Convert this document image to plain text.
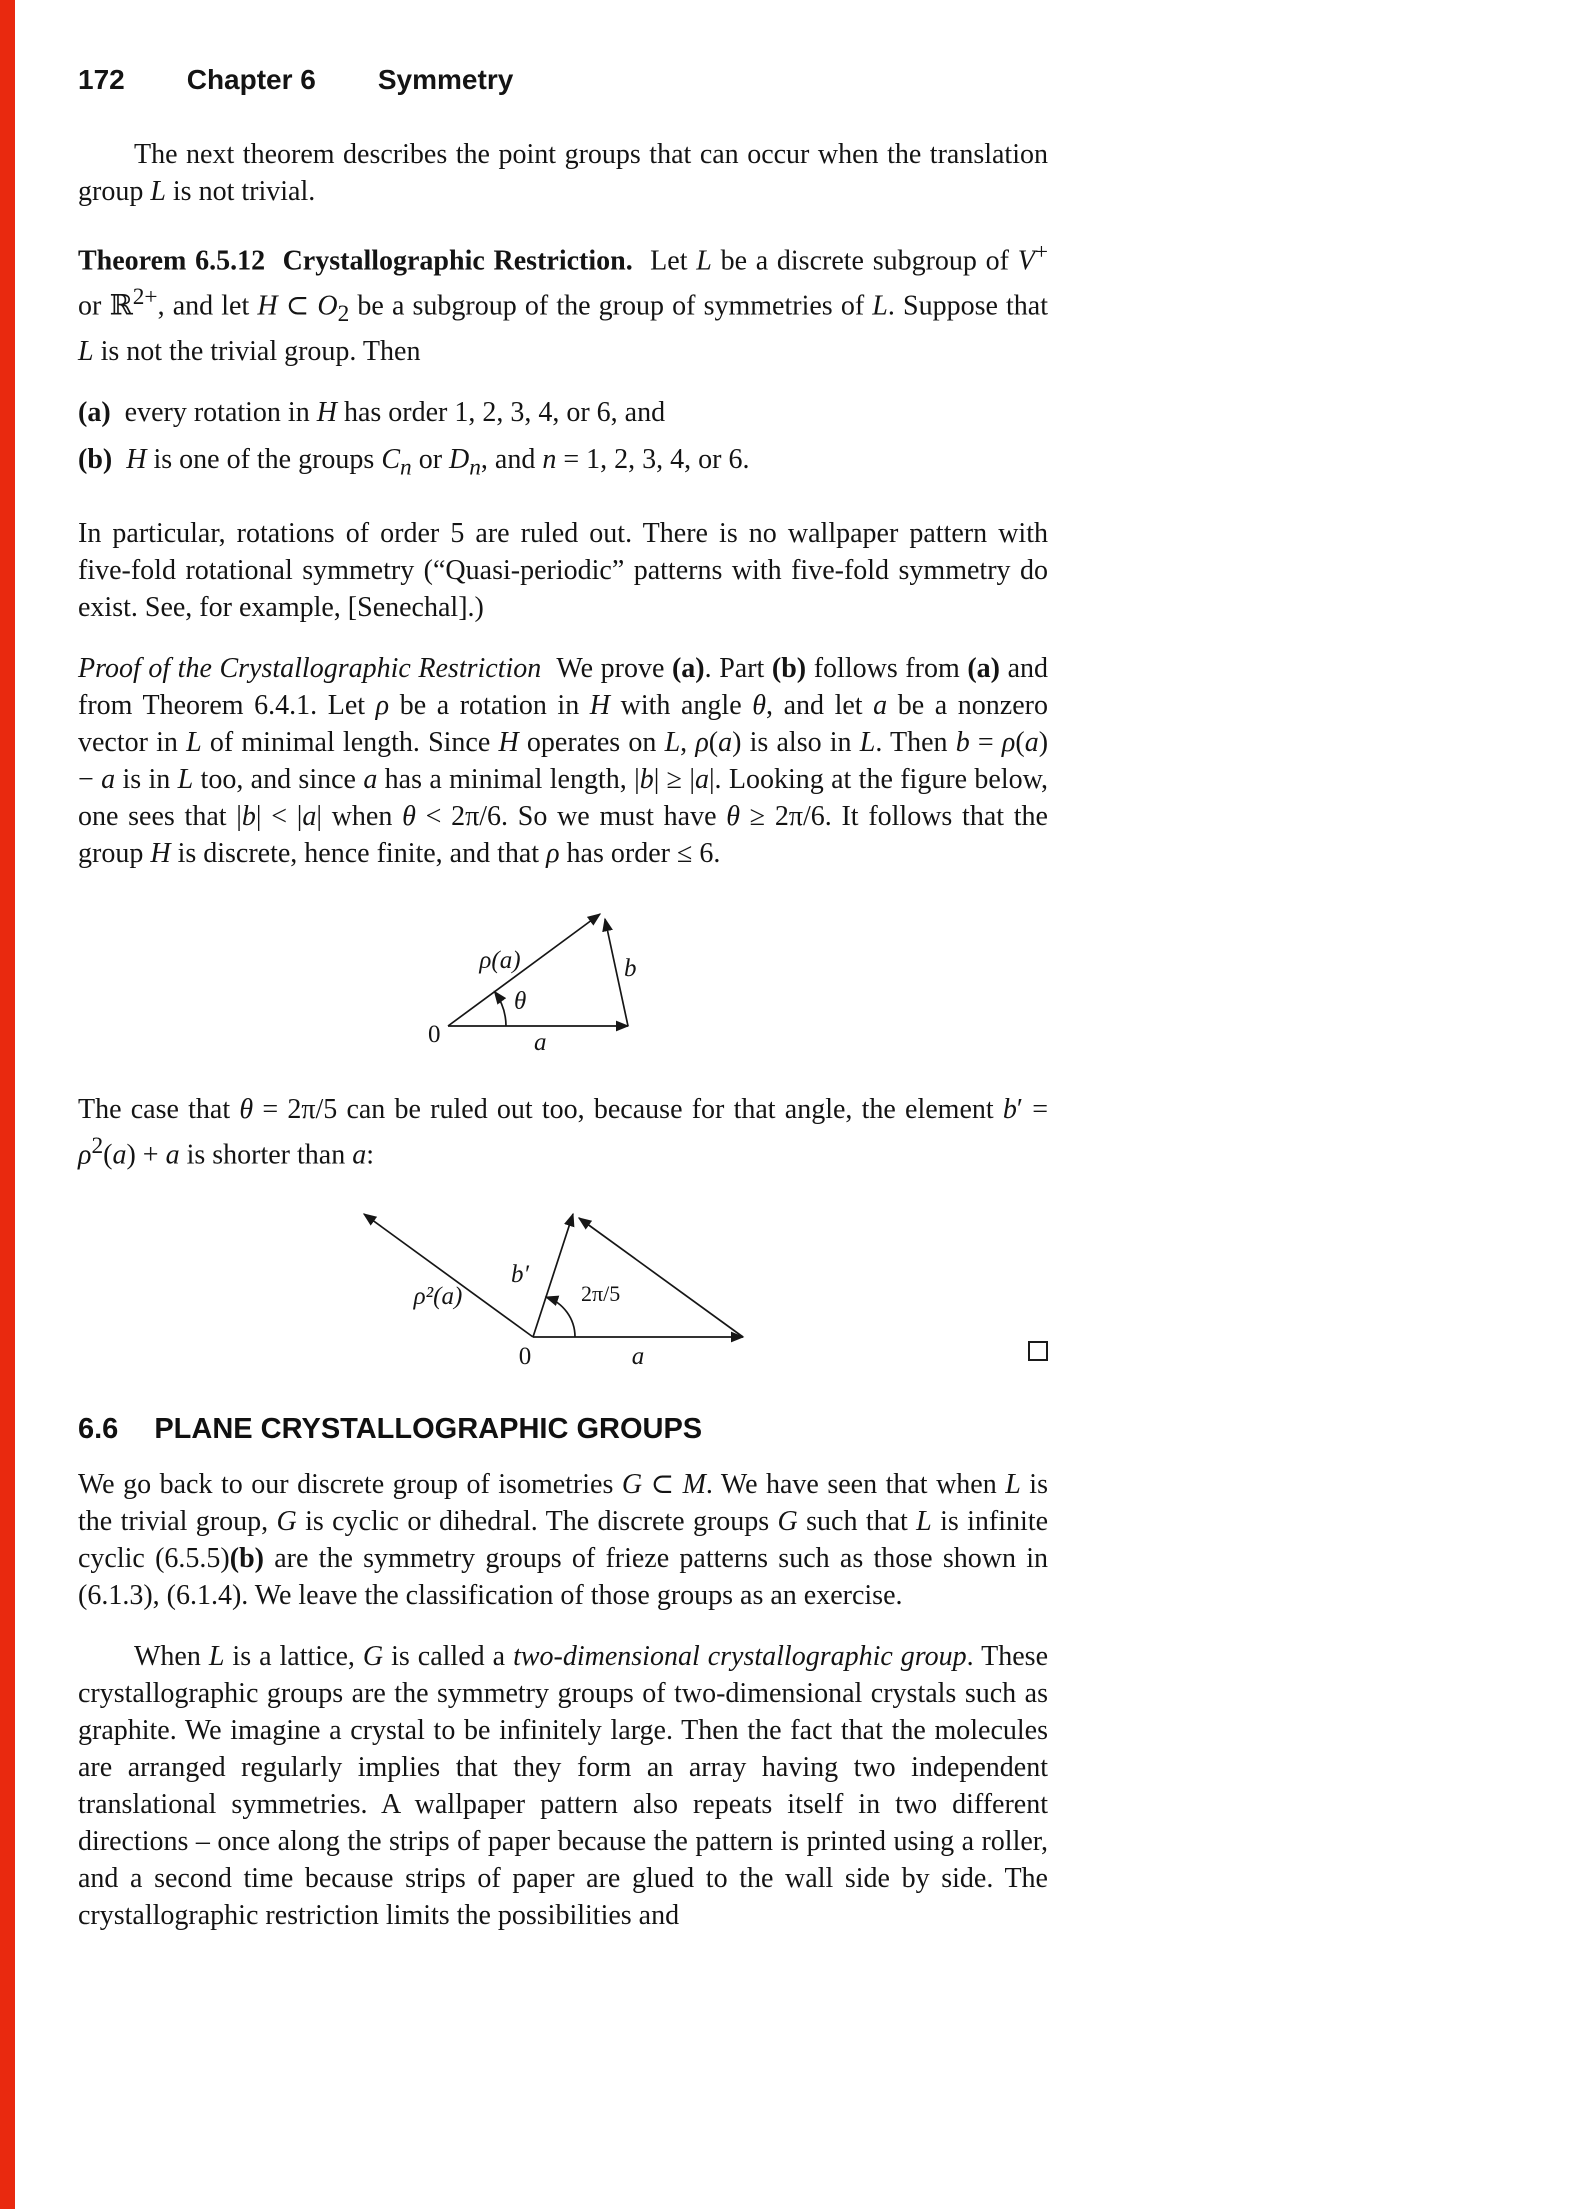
172 Chapter 6 Symmetry

The next theorem describes the point groups that can occur when the translation group L is not trivial.

Theorem 6.5.12  Crystallographic Restriction.  Let L be a discrete subgroup of V+ or ℝ$^{2+}$, and let H ⊂ $O_2$ be a subgroup of the group of symmetries of L. Suppose that L is not the trivial group. Then

(a)  every rotation in H has order 1, 2, 3, 4, or 6, and

(b) H is one of the groups $C_n$ or $D_n$, and n = 1, 2, 3, 4, or 6.

In particular, rotations of order 5 are ruled out. There is no wallpaper pattern with five-fold rotational symmetry (“Quasi-periodic” patterns with five-fold symmetry do exist. See, for example, [Senechal].)

Proof of the Crystallographic Restriction  We prove (a). Part (b) follows from (a) and from Theorem 6.4.1. Let ρ be a rotation in H with angle θ, and let a be a nonzero vector in L of minimal length. Since H operates on L, ρ(a) is also in L. Then b = ρ(a) − a is in L too, and since a has a minimal length, |b| ≥ |a|. Looking at the figure below, one sees that |b| < |a| when θ < 2π/6. So we must have θ ≥ 2π/6. It follows that the group H is discrete, hence finite, and that ρ has order ≤ 6.

ρ(a)
θ
b
0	a

The case that θ = 2π/5 can be ruled out too, because for that angle, the element $b' = \rho^2(a) + a$ is shorter than a:

ρ²(a)
b′
2π/5
0	a
6.6 PLANE CRYSTALLOGRAPHIC GROUPS

We go back to our discrete group of isometries G ⊂ M. We have seen that when L is the trivial group, G is cyclic or dihedral. The discrete groups G such that L is infinite cyclic (6.5.5)(b) are the symmetry groups of frieze patterns such as those shown in (6.1.3), (6.1.4). We leave the classification of those groups as an exercise.

When L is a lattice, G is called a two-dimensional crystallographic group. These crystallographic groups are the symmetry groups of two-dimensional crystals such as graphite. We imagine a crystal to be infinitely large. Then the fact that the molecules are arranged regularly implies that they form an array having two independent translational symmetries. A wallpaper pattern also repeats itself in two different directions – once along the strips of paper because the pattern is printed using a roller, and a second time because strips of paper are glued to the wall side by side. The crystallographic restriction limits the possibilities and
